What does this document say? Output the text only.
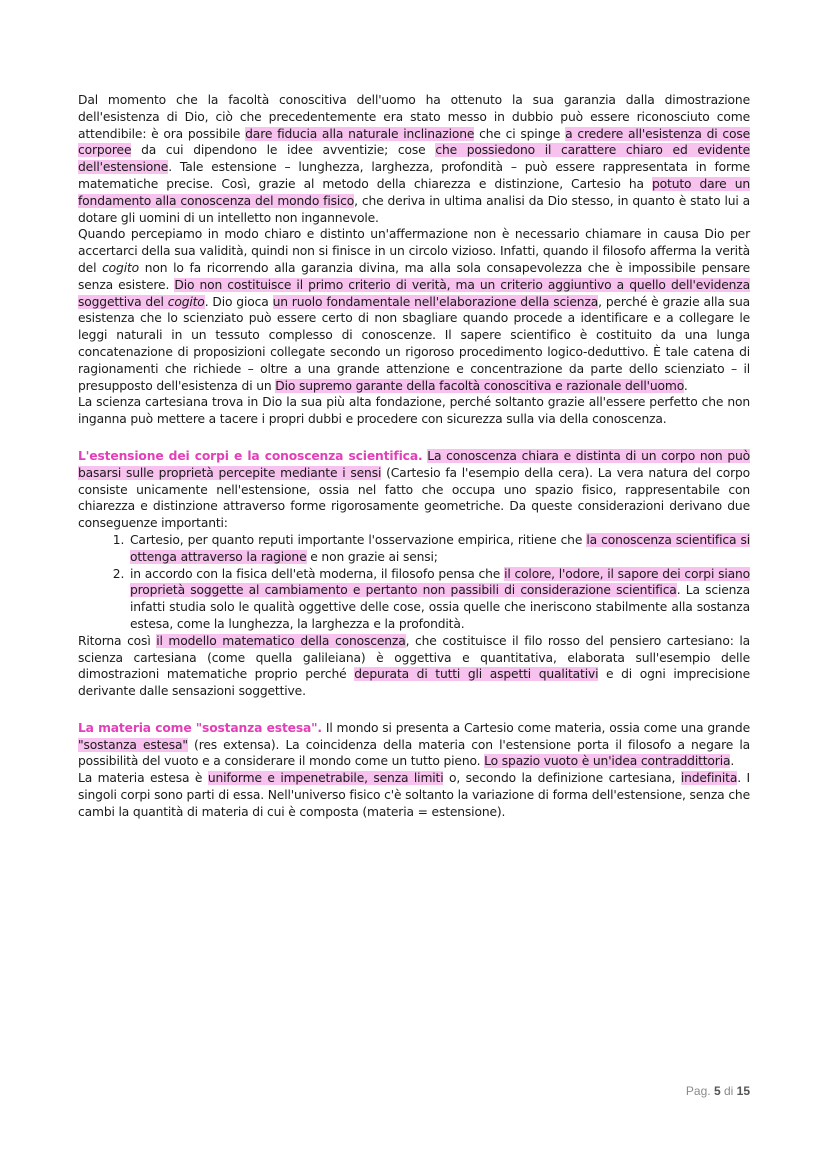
Dal momento che la facoltà conoscitiva dell'uomo ha ottenuto la sua garanzia dalla dimostrazione dell'esistenza di Dio, ciò che precedentemente era stato messo in dubbio può essere riconosciuto come attendibile: è ora possibile dare fiducia alla naturale inclinazione che ci spinge a credere all'esistenza di cose corporee da cui dipendono le idee avventizie; cose che possiedono il carattere chiaro ed evidente dell'estensione. Tale estensione – lunghezza, larghezza, profondità – può essere rappresentata in forme matematiche precise. Così, grazie al metodo della chiarezza e distinzione, Cartesio ha potuto dare un fondamento alla conoscenza del mondo fisico, che deriva in ultima analisi da Dio stesso, in quanto è stato lui a dotare gli uomini di un intelletto non ingannevole.

Quando percepiamo in modo chiaro e distinto un'affermazione non è necessario chiamare in causa Dio per accertarci della sua validità, quindi non si finisce in un circolo vizioso. Infatti, quando il filosofo afferma la verità del cogito non lo fa ricorrendo alla garanzia divina, ma alla sola consapevolezza che è impossibile pensare senza esistere. Dio non costituisce il primo criterio di verità, ma un criterio aggiuntivo a quello dell'evidenza soggettiva del cogito. Dio gioca un ruolo fondamentale nell'elaborazione della scienza, perché è grazie alla sua esistenza che lo scienziato può essere certo di non sbagliare quando procede a identificare e a collegare le leggi naturali in un tessuto complesso di conoscenze. Il sapere scientifico è costituito da una lunga concatenazione di proposizioni collegate secondo un rigoroso procedimento logico-deduttivo. È tale catena di ragionamenti che richiede – oltre a una grande attenzione e concentrazione da parte dello scienziato – il presupposto dell'esistenza di un Dio supremo garante della facoltà conoscitiva e razionale dell'uomo.

La scienza cartesiana trova in Dio la sua più alta fondazione, perché soltanto grazie all'essere perfetto che non inganna può mettere a tacere i propri dubbi e procedere con sicurezza sulla via della conoscenza.

L'estensione dei corpi e la conoscenza scientifica. La conoscenza chiara e distinta di un corpo non può basarsi sulle proprietà percepite mediante i sensi (Cartesio fa l'esempio della cera). La vera natura del corpo consiste unicamente nell'estensione, ossia nel fatto che occupa uno spazio fisico, rappresentabile con chiarezza e distinzione attraverso forme rigorosamente geometriche. Da queste considerazioni derivano due conseguenze importanti:

1. Cartesio, per quanto reputi importante l'osservazione empirica, ritiene che la conoscenza scientifica si ottenga attraverso la ragione e non grazie ai sensi;
2. in accordo con la fisica dell'età moderna, il filosofo pensa che il colore, l'odore, il sapore dei corpi siano proprietà soggette al cambiamento e pertanto non passibili di considerazione scientifica. La scienza infatti studia solo le qualità oggettive delle cose, ossia quelle che ineriscono stabilmente alla sostanza estesa, come la lunghezza, la larghezza e la profondità.

Ritorna così il modello matematico della conoscenza, che costituisce il filo rosso del pensiero cartesiano: la scienza cartesiana (come quella galileiana) è oggettiva e quantitativa, elaborata sull'esempio delle dimostrazioni matematiche proprio perché depurata di tutti gli aspetti qualitativi e di ogni imprecisione derivante dalle sensazioni soggettive.

La materia come "sostanza estesa". Il mondo si presenta a Cartesio come materia, ossia come una grande "sostanza estesa" (res extensa). La coincidenza della materia con l'estensione porta il filosofo a negare la possibilità del vuoto e a considerare il mondo come un tutto pieno. Lo spazio vuoto è un'idea contraddittoria.

La materia estesa è uniforme e impenetrabile, senza limiti o, secondo la definizione cartesiana, indefinita. I singoli corpi sono parti di essa. Nell'universo fisico c'è soltanto la variazione di forma dell'estensione, senza che cambi la quantità di materia di cui è composta (materia = estensione).

Pag. 5 di 15
